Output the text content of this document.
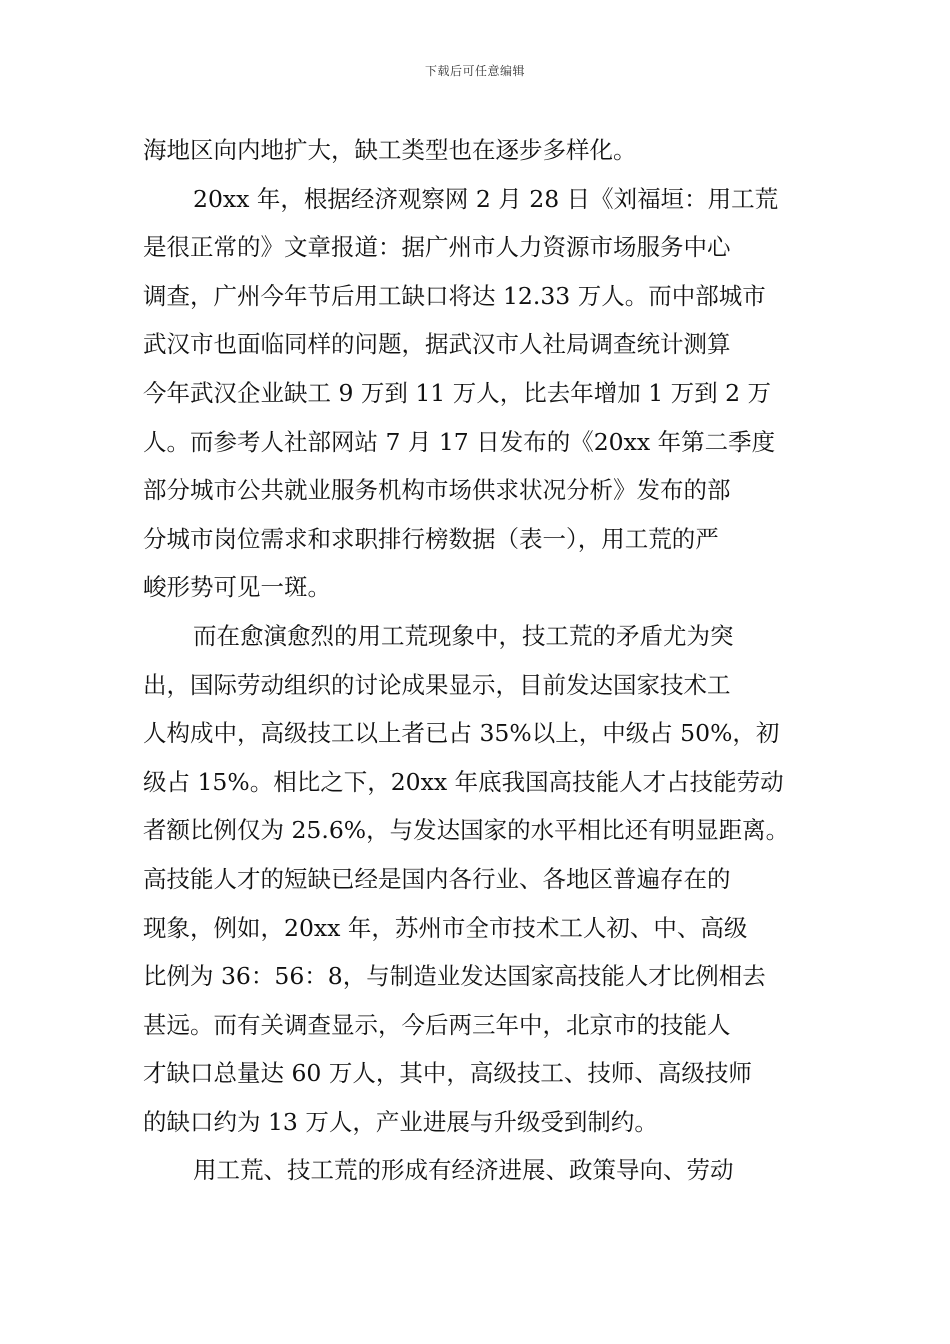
下载后可任意编辑
海地区向内地扩大，缺工类型也在逐步多样化。
20xx 年，根据经济观察网 2 月 28 日《刘福垣：用工荒
是很正常的》文章报道：据广州市人力资源市场服务中心
调查，广州今年节后用工缺口将达 12.33 万人。而中部城市
武汉市也面临同样的问题，据武汉市人社局调查统计测算
今年武汉企业缺工 9 万到 11 万人，比去年增加 1 万到 2 万
人。而参考人社部网站 7 月 17 日发布的《20xx 年第二季度
部分城市公共就业服务机构市场供求状况分析》发布的部
分城市岗位需求和求职排行榜数据（表一），用工荒的严
峻形势可见一斑。
而在愈演愈烈的用工荒现象中，技工荒的矛盾尤为突
出，国际劳动组织的讨论成果显示，目前发达国家技术工
人构成中，高级技工以上者已占 35%以上，中级占 50%，初
级占 15%。相比之下，20xx 年底我国高技能人才占技能劳动
者额比例仅为 25.6%，与发达国家的水平相比还有明显距离。
高技能人才的短缺已经是国内各行业、各地区普遍存在的
现象，例如，20xx 年，苏州市全市技术工人初、中、高级
比例为 36：56：8，与制造业发达国家高技能人才比例相去
甚远。而有关调查显示，今后两三年中，北京市的技能人
才缺口总量达 60 万人，其中，高级技工、技师、高级技师
的缺口约为 13 万人，产业进展与升级受到制约。
用工荒、技工荒的形成有经济进展、政策导向、劳动
